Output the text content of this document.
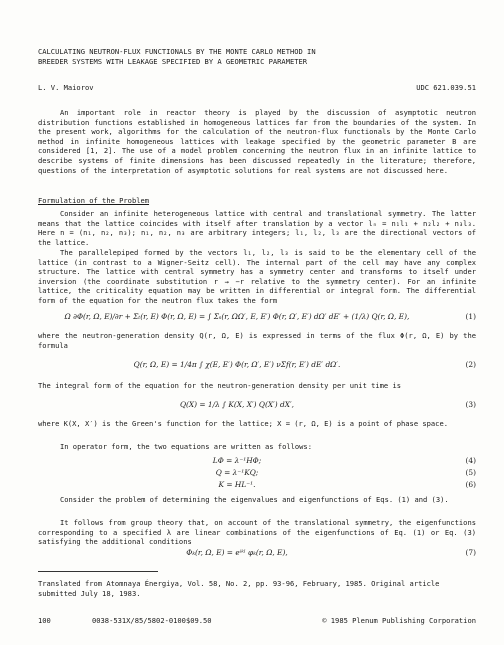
CALCULATING NEUTRON-FLUX FUNCTIONALS BY THE MONTE CARLO METHOD IN
BREEDER SYSTEMS WITH LEAKAGE SPECIFIED BY A GEOMETRIC PARAMETER
L. V. Maiorov	UDC 621.039.51

An important role in reactor theory is played by the discussion of asymptotic neutron distribution functions established in homogeneous lattices far from the boundaries of the system. In the present work, algorithms for the calculation of the neutron-flux functionals by the Monte Carlo method in infinite homogeneous lattices with leakage specified by the geometric parameter B are considered [1, 2]. The use of a model problem concerning the neutron flux in an infinite lattice to describe systems of finite dimensions has been discussed repeatedly in the literature; therefore, questions of the interpretation of asymptotic solutions for real systems are not discussed here.

Formulation of the Problem

Consider an infinite heterogeneous lattice with central and translational symmetry. The latter means that the lattice coincides with itself after translation by a vector lₙ = n₁l₁ + n₂l₂ + n₃l₃. Here n = (n₁, n₂, n₃); n₁, n₂, n₃ are arbitrary integers; l₁, l₂, l₃ are the directional vectors of the lattice.

The parallelepiped formed by the vectors l₁, l₂, l₃ is said to be the elementary cell of the lattice (in contrast to a Wigner-Seitz cell). The internal part of the cell may have any complex structure. The lattice with central symmetry has a symmetry center and transforms to itself under inversion (the coordinate substitution r → −r relative to the symmetry center). For an infinite lattice, the criticality equation may be written in differential or integral form. The differential form of the equation for the neutron flux takes the form

Ω ∂Φ(r, Ω, E)/∂r + Σₜ(r, E) Φ(r, Ω, E) = ∫ Σₛ(r, ΩΩ′, E, E′) Φ(r, Ω′, E′) dΩ′ dE′ + (1/λ) Q(r, Ω, E),	(1)

where the neutron-generation density Q(r, Ω, E) is expressed in terms of the flux Φ(r, Ω, E) by the formula

Q(r, Ω, E) = 1/4π ∫ χ(E, E′) Φ(r, Ω′, E′) νΣf(r, E′) dE′ dΩ′.	(2)

The integral form of the equation for the neutron-generation density per unit time is

Q(X) = 1/λ ∫ K(X, X′) Q(X′) dX′,	(3)

where K(X, X′) is the Green's function for the lattice; X = (r, Ω, E) is a point of phase space.

In operator form, the two equations are written as follows:

LΦ = λ⁻¹HΦ;	(4)
Q = λ⁻¹KQ;	(5)
K = HL⁻¹.	(6)

Consider the problem of determining the eigenvalues and eigenfunctions of Eqs. (1) and (3).

It follows from group theory that, on account of the translational symmetry, the eigenfunctions corresponding to a specified λ are linear combinations of the eigenfunctions of Eq. (1) or Eq. (3) satisfying the additional conditions

Φₖ(r, Ω, E) = eⁱᵏˡ φₖ(r, Ω, E),	(7)
Translated from Atomnaya Énergiya, Vol. 58, No. 2, pp. 93-96, February, 1985. Original article submitted July 18, 1983.
100	0038-531X/85/5802-0100$09.50	© 1985 Plenum Publishing Corporation
